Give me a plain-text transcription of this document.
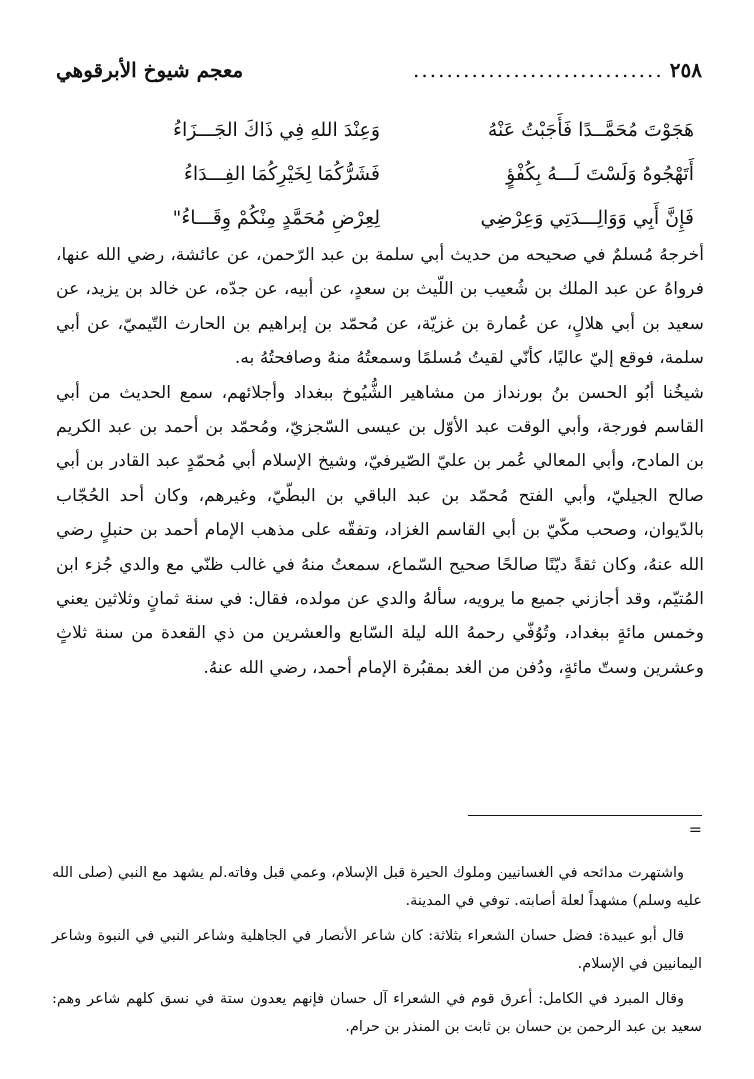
٢٥٨
..............................
معجم شيوخ الأبرقوهي
هَجَوْتَ مُحَمَّــدًا فَأَجَبْتُ عَنْهُ
وَعِنْدَ اللهِ فِي ذَاكَ الجَـــزَاءُ
أَتَهْجُوهُ وَلَسْتَ لَـــهُ بِكُفْؤٍ
فَشَرُّكُمَا لِخَيْرِكُمَا الفِـــدَاءُ
فَإِنَّ أَبِي وَوَالِـــدَتِي وَعِرْضِي
لِعِرْضِ مُحَمَّدٍ مِنْكُمْ وِقَـــاءُ"

أخرجهُ مُسلمٌ في صحيحه من حديث أبي سلمة بن عبد الرّحمن، عن عائشة، رضي الله عنها، فرواهُ عن عبد الملك بن شُعيب بن اللّيث بن سعدٍ، عن أبيه، عن جدّه، عن خالد بن يزيد، عن سعيد بن أبي هلالٍ، عن عُمارة بن غزيّة، عن مُحمّد بن إبراهيم بن الحارث التّيميّ، عن أبي سلمة، فوقع إليّ عاليًا، كأنّي لقيتُ مُسلمًا وسمعتُهُ منهُ وصافحتُهُ به.

شيخُنا أبُو الحسن بنُ بورنداز من مشاهير الشُّيُوخ ببغداد وأجلائهم، سمع الحديث من أبي القاسم فورجة، وأبي الوقت عبد الأوّل بن عيسى السّجزيّ، ومُحمّد بن أحمد بن عبد الكريم بن المادح، وأبي المعالي عُمر بن عليّ الصّيرفيّ، وشيخ الإسلام أبي مُحمّدٍ عبد القادر بن أبي صالح الجيليّ، وأبي الفتح مُحمّد بن عبد الباقي بن البطّيّ، وغيرهم، وكان أحد الحُجّاب بالدّيوان، وصحب مكّيّ بن أبي القاسم الغزاد، وتفقّه على مذهب الإمام أحمد بن حنبلٍ رضي الله عنهُ، وكان ثقةً ديّنًا صالحًا صحيح السّماع، سمعتُ منهُ في غالب ظنّي مع والدي جُزء ابن المُتيّم، وقد أجازني جميع ما يرويه، سألهُ والدي عن مولده، فقال: في سنة ثمانٍ وثلاثين يعني وخمس مائةٍ ببغداد، وتُوُفّي رحمهُ الله ليلة السّابع والعشرين من ذي القعدة من سنة ثلاثٍ وعشرين وستّ مائةٍ، ودُفن من الغد بمقبُرة الإمام أحمد، رضي الله عنهُ.

=

واشتهرت مدائحه في الغسانيين وملوك الحيرة قبل الإسلام، وعمي قبل وفاته.لم يشهد مع النبي (صلى الله عليه وسلم) مشهداً لعلة أصابته. توفي في المدينة.

قال أبو عبيدة: فضل حسان الشعراء بثلاثة: كان شاعر الأنصار في الجاهلية وشاعر النبي في النبوة وشاعر اليمانيين في الإسلام.

وقال المبرد في الكامل: أعرق قوم في الشعراء آل حسان فإنهم يعدون ستة في نسق كلهم شاعر وهم: سعيد بن عبد الرحمن بن حسان بن ثابت بن المنذر بن حرام.
